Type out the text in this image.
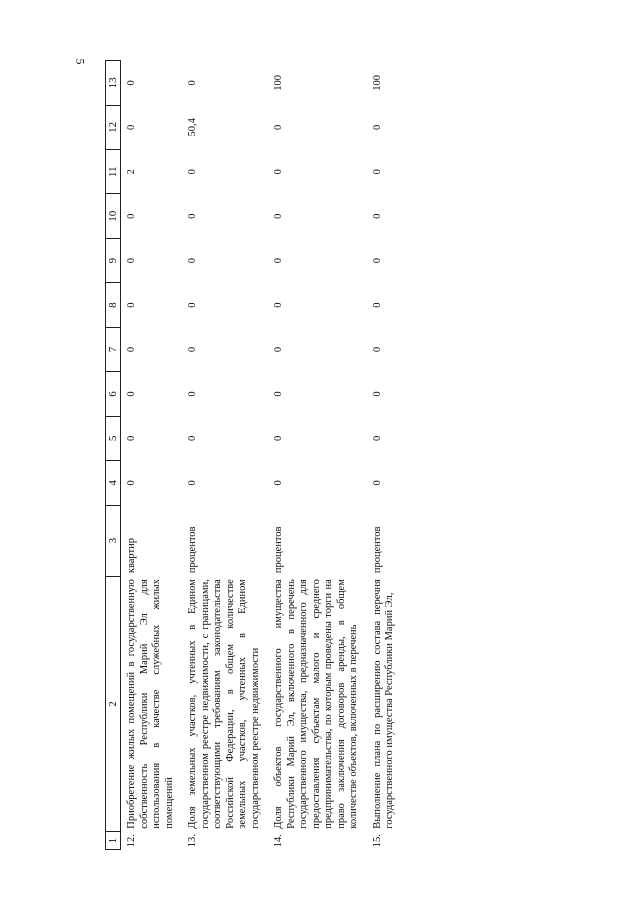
5
1	2	3	4	5	6	7	8	9	10	11	12	13
12.	Приобретение жилых помещений в государственную собственность Республики Марий Эл для использования в качестве служебных жилых помещений	квартир	0	0	0	0	0	0	0	2	0	0
13.	Доля земельных участков, учтенных в Едином государственном реестре недвижимости, с границами, соответствующими требованиям законодательства Российской Федерации, в общем количестве земельных участков, учтенных в Едином государственном реестре недвижимости	процентов	0	0	0	0	0	0	0	0	50,4	0
14.	Доля объектов государственного имущества Республики Марий Эл, включенного в перечень государственного имущества, предназначенного для предоставления субъектам малого и среднего предпринимательства, по которым проведены торги на право заключения договоров аренды, в общем количестве объектов, включенных в перечень	процентов	0	0	0	0	0	0	0	0	0	100
15.	Выполнение плана по расширению состава перечня государственного имущества Республики Марий Эл,	процентов	0	0	0	0	0	0	0	0	0	100
